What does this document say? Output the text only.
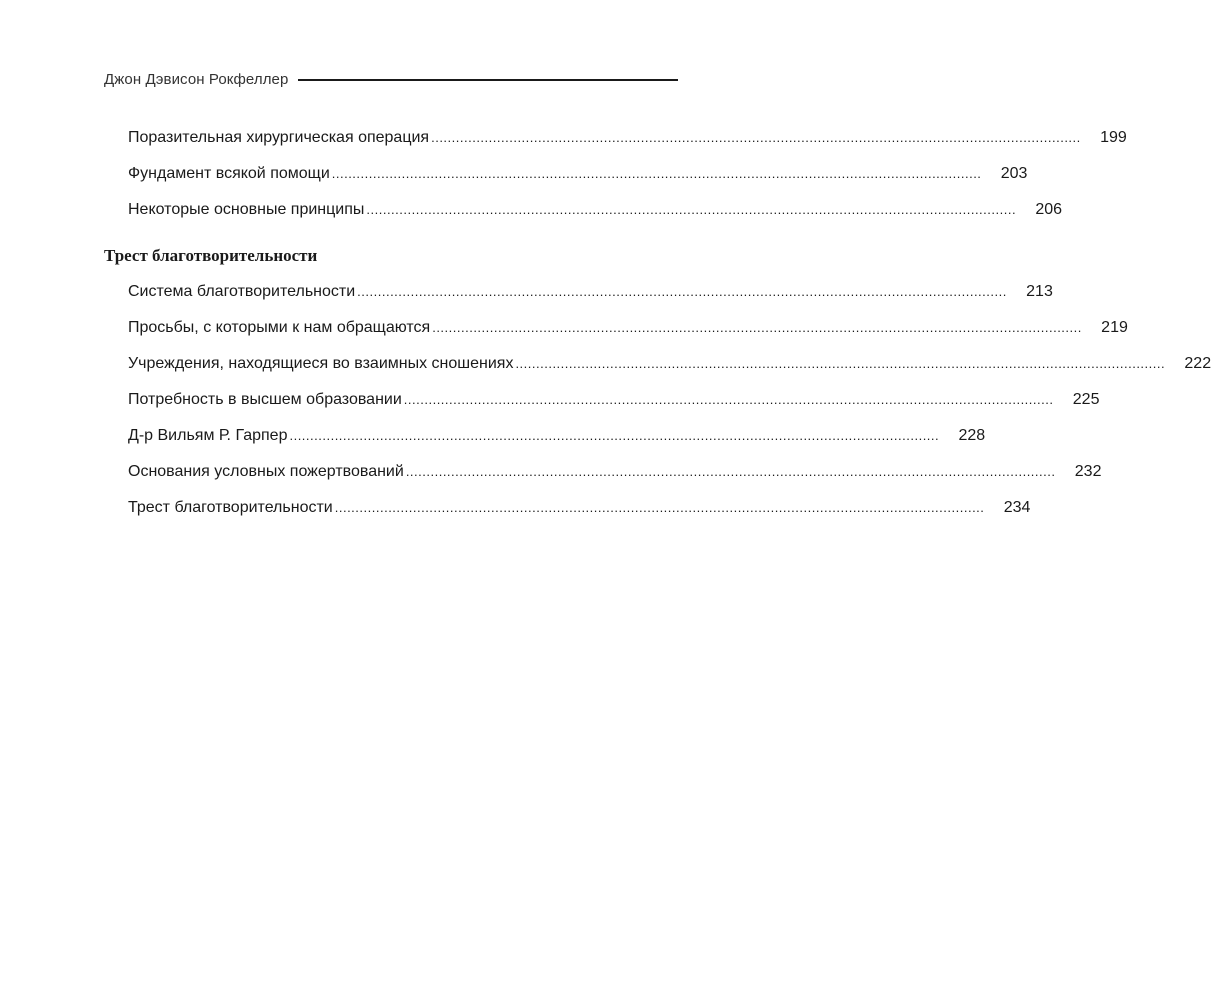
Джон Дэвисон Рокфеллер
Поразительная хирургическая операция .............................................................................................................................................................. 199
Фундамент всякой помощи .............................................................................................................................................................. 203
Некоторые основные принципы .............................................................................................................................................................. 206
Трест благотворительности
Система благотворительности .............................................................................................................................................................. 213
Просьбы, с которыми к нам обращаются .............................................................................................................................................................. 219
Учреждения, находящиеся во взаимных сношениях .............................................................................................................................................................. 222
Потребность в высшем образовании .............................................................................................................................................................. 225
Д-р Вильям Р. Гарпер .............................................................................................................................................................. 228
Основания условных пожертвований .............................................................................................................................................................. 232
Трест благотворительности .............................................................................................................................................................. 234
